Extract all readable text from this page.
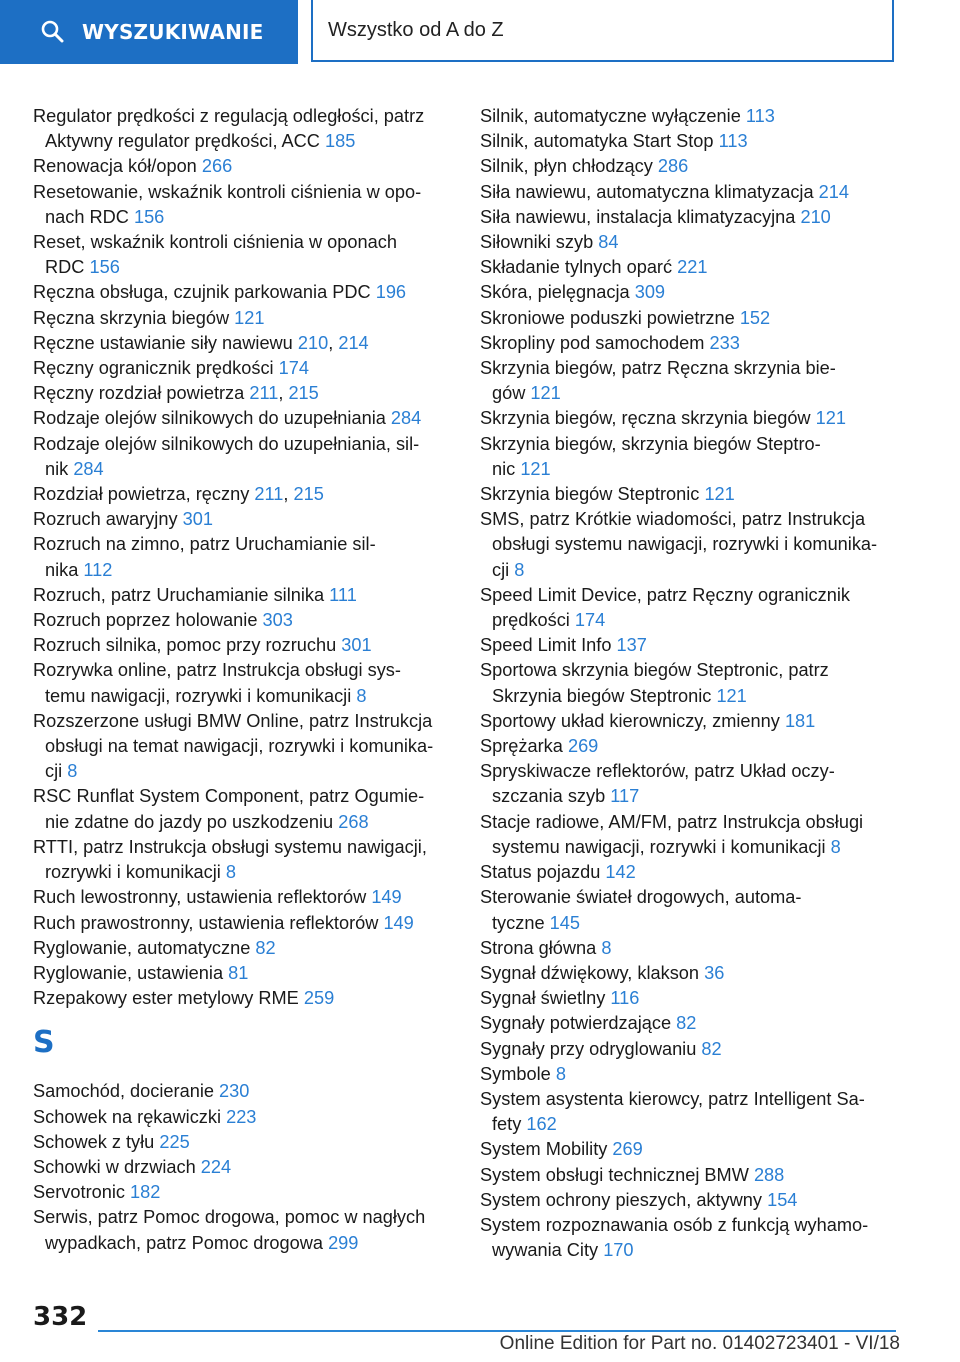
WYSZUKIWANIE	Wszystko od A do Z
Regulator prędkości z regulacją odległości, patrz
Aktywny regulator prędkości, ACC 185
Renowacja kół/opon 266
Resetowanie, wskaźnik kontroli ciśnienia w opo-
nach RDC 156
Reset, wskaźnik kontroli ciśnienia w oponach
RDC 156
Ręczna obsługa, czujnik parkowania PDC 196
Ręczna skrzynia biegów 121
Ręczne ustawianie siły nawiewu 210, 214
Ręczny ogranicznik prędkości 174
Ręczny rozdział powietrza 211, 215
Rodzaje olejów silnikowych do uzupełniania 284
Rodzaje olejów silnikowych do uzupełniania, sil-
nik 284
Rozdział powietrza, ręczny 211, 215
Rozruch awaryjny 301
Rozruch na zimno, patrz Uruchamianie sil-
nika 112
Rozruch, patrz Uruchamianie silnika 111
Rozruch poprzez holowanie 303
Rozruch silnika, pomoc przy rozruchu 301
Rozrywka online, patrz Instrukcja obsługi sys-
temu nawigacji, rozrywki i komunikacji 8
Rozszerzone usługi BMW Online, patrz Instrukcja
obsługi na temat nawigacji, rozrywki i komunika-
cji 8
RSC Runflat System Component, patrz Ogumie-
nie zdatne do jazdy po uszkodzeniu 268
RTTI, patrz Instrukcja obsługi systemu nawigacji,
rozrywki i komunikacji 8
Ruch lewostronny, ustawienia reflektorów 149
Ruch prawostronny, ustawienia reflektorów 149
Ryglowanie, automatyczne 82
Ryglowanie, ustawienia 81
Rzepakowy ester metylowy RME 259
S
Samochód, docieranie 230
Schowek na rękawiczki 223
Schowek z tyłu 225
Schowki w drzwiach 224
Servotronic 182
Serwis, patrz Pomoc drogowa, pomoc w nagłych
wypadkach, patrz Pomoc drogowa 299
Silnik, automatyczne wyłączenie 113
Silnik, automatyka Start Stop 113
Silnik, płyn chłodzący 286
Siła nawiewu, automatyczna klimatyzacja 214
Siła nawiewu, instalacja klimatyzacyjna 210
Siłowniki szyb 84
Składanie tylnych oparć 221
Skóra, pielęgnacja 309
Skroniowe poduszki powietrzne 152
Skropliny pod samochodem 233
Skrzynia biegów, patrz Ręczna skrzynia bie-
gów 121
Skrzynia biegów, ręczna skrzynia biegów 121
Skrzynia biegów, skrzynia biegów Steptro-
nic 121
Skrzynia biegów Steptronic 121
SMS, patrz Krótkie wiadomości, patrz Instrukcja
obsługi systemu nawigacji, rozrywki i komunika-
cji 8
Speed Limit Device, patrz Ręczny ogranicznik
prędkości 174
Speed Limit Info 137
Sportowa skrzynia biegów Steptronic, patrz
Skrzynia biegów Steptronic 121
Sportowy układ kierowniczy, zmienny 181
Sprężarka 269
Spryskiwacze reflektorów, patrz Układ oczy-
szczania szyb 117
Stacje radiowe, AM/FM, patrz Instrukcja obsługi
systemu nawigacji, rozrywki i komunikacji 8
Status pojazdu 142
Sterowanie świateł drogowych, automa-
tyczne 145
Strona główna 8
Sygnał dźwiękowy, klakson 36
Sygnał świetlny 116
Sygnały potwierdzające 82
Sygnały przy odryglowaniu 82
Symbole 8
System asystenta kierowcy, patrz Intelligent Sa-
fety 162
System Mobility 269
System obsługi technicznej BMW 288
System ochrony pieszych, aktywny 154
System rozpoznawania osób z funkcją wyhamo-
wywania City 170
332
Online Edition for Part no. 01402723401 - VI/18
